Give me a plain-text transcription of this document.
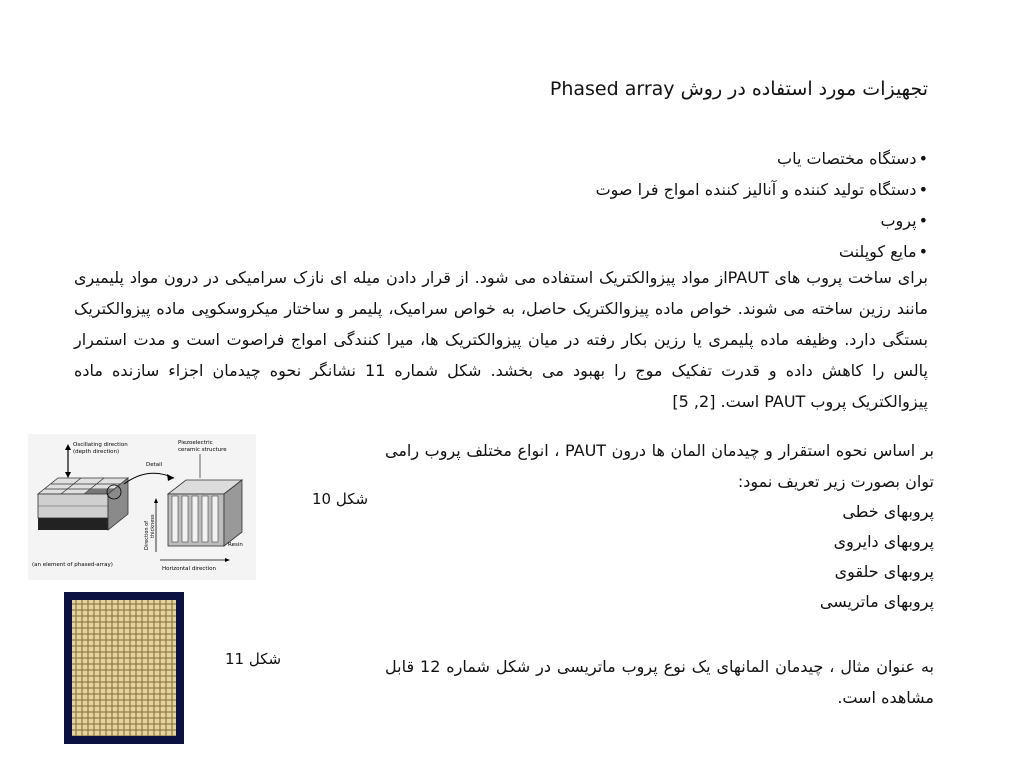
تجهیزات مورد استفاده در روش Phased array
• دستگاه مختصات یاب
• دستگاه تولید کننده و آنالیز کننده امواج فرا صوت
• پروب
• مایع کوپلنت
برای ساخت پروب های PAUTاز مواد پیزوالکتریک استفاده می شود. از قرار دادن میله ای نازک سرامیکی در درون مواد پلیمیری مانند رزین ساخته می شوند. خواص ماده پیزوالکتریک حاصل، به خواص سرامیک، پلیمر و ساختار میکروسکوپی ماده پیزوالکتریک بستگی دارد. وظیفه ماده پلیمری یا رزین بکار رفته در میان پیزوالکتریک ها، میرا کنندگی امواج فراصوت است و مدت استمرار پالس را کاهش داده و قدرت تفکیک موج را بهبود می بخشد. شکل شماره 11 نشانگر نحوه چیدمان اجزاء سازنده ماده پیزوالکتریک پروب PAUT است. [2, 5]
بر اساس نحوه استقرار و چیدمان المان ها درون PAUT ، انواع مختلف پروب رامی توان بصورت زیر تعریف نمود:
پروبهای خطی
پروبهای دایروی
پروبهای حلقوی
پروبهای ماتریسی
به عنوان مثال ، چیدمان المانهای یک نوع پروب ماتریسی در شکل شماره 12 قابل مشاهده است.
Oscillating direction
(depth direction)
Detail
Piezoelectric
ceramic structure
Resin
Direction of thickness
Horizontal direction
(an element of phased-array)
شکل 10
شکل 11
